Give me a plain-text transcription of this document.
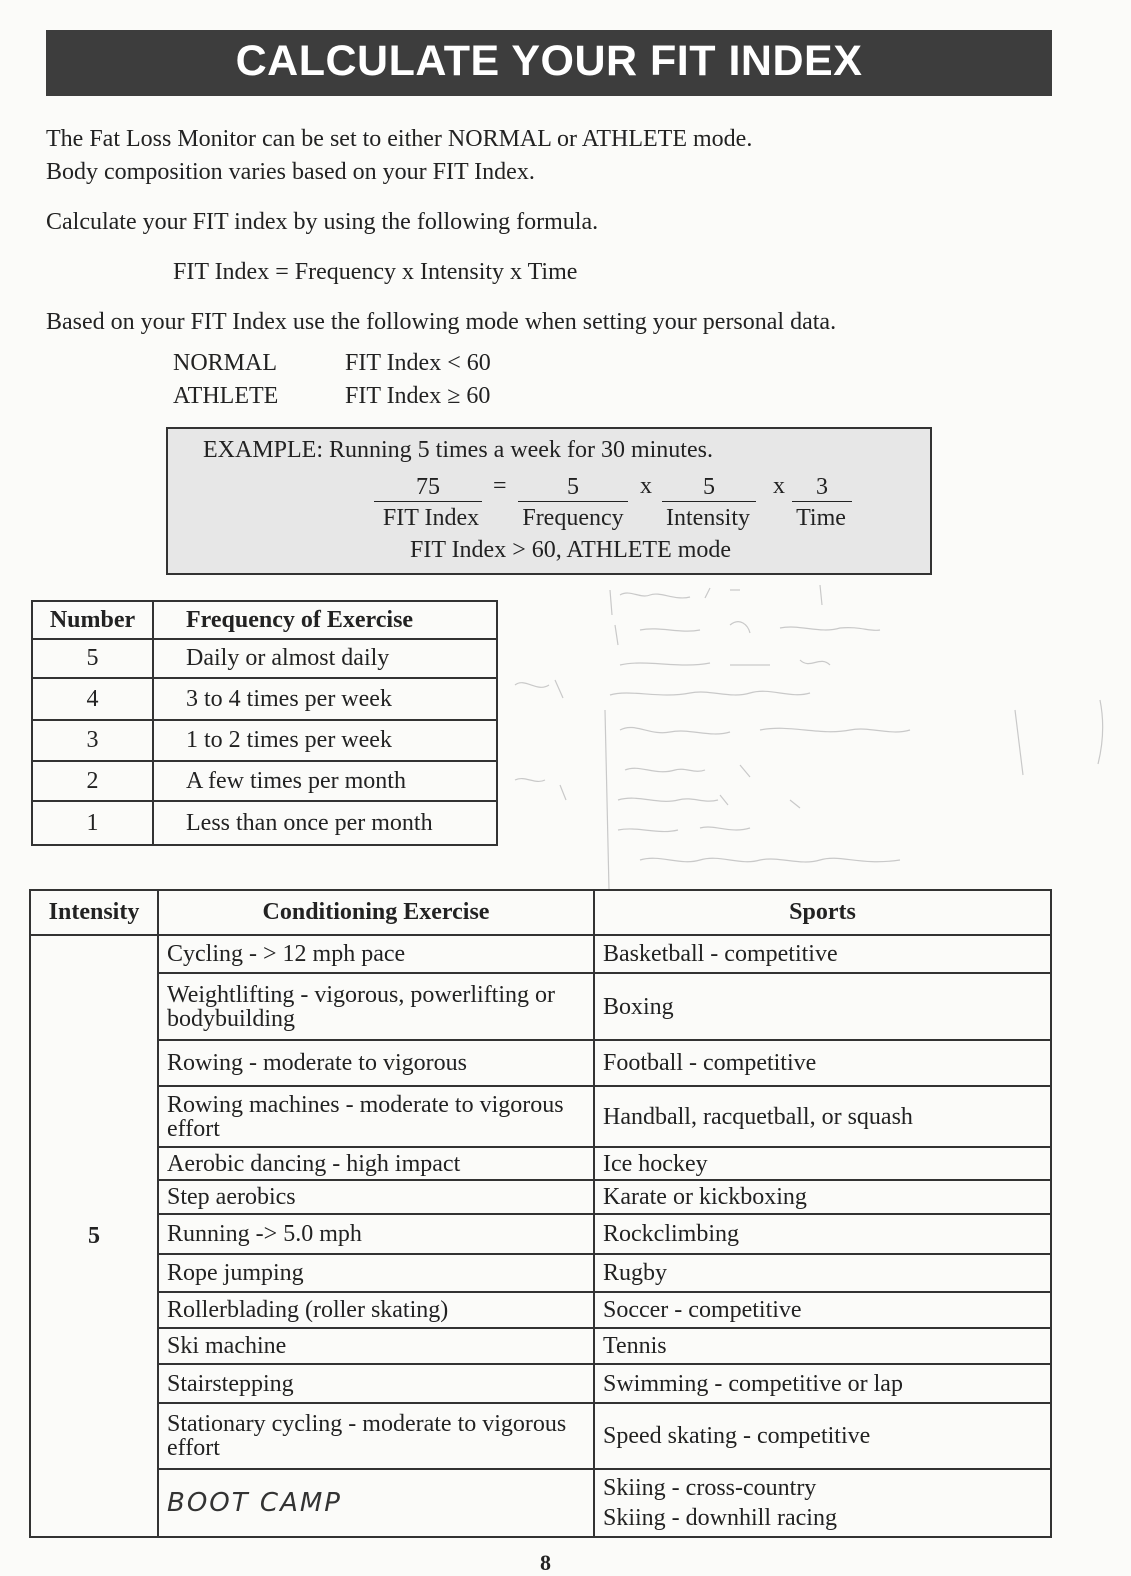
CALCULATE YOUR FIT INDEX
The Fat Loss Monitor can be set to either NORMAL or ATHLETE mode.
Body composition varies based on your FIT Index.
Calculate your FIT index by using the following formula.
FIT Index = Frequency x Intensity x Time
Based on your FIT Index use the following mode when setting your personal data.
NORMAL	FIT Index < 60
ATHLETE	FIT Index ≥ 60
EXAMPLE: Running 5 times a week for 30 minutes.
75	=	5	x	5	x	3
FIT Index	Frequency	Intensity	Time
FIT Index > 60, ATHLETE mode
Number	Frequency of Exercise
5	Daily or almost daily
4	3 to 4 times per week
3	1 to 2 times per week
2	A few times per month
1	Less than once per month
Intensity	Conditioning Exercise	Sports
5	Cycling - > 12 mph pace	Basketball - competitive
	Weightlifting - vigorous, powerlifting or bodybuilding	Boxing
	Rowing - moderate to vigorous	Football - competitive
	Rowing machines - moderate to vigorous effort	Handball, racquetball, or squash
	Aerobic dancing - high impact	Ice hockey
	Step aerobics	Karate or kickboxing
	Running -> 5.0 mph	Rockclimbing
	Rope jumping	Rugby
	Rollerblading (roller skating)	Soccer - competitive
	Ski machine	Tennis
	Stairstepping	Swimming - competitive or lap
	Stationary cycling - moderate to vigorous effort	Speed skating - competitive
	BOOT CAMP	Skiing - cross-country
Skiing - downhill racing
8
